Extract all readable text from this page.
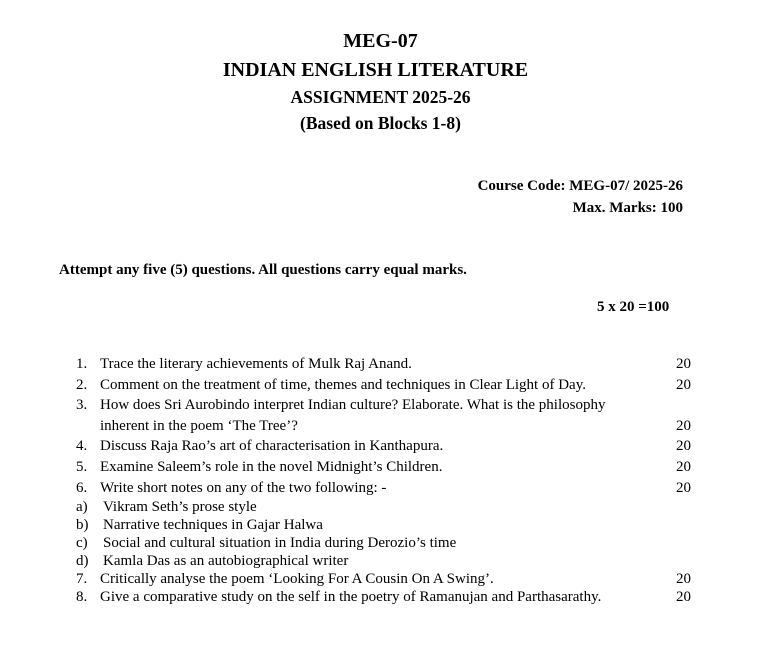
MEG-07
INDIAN ENGLISH LITERATURE
ASSIGNMENT 2025-26
(Based on Blocks 1-8)
Course Code: MEG-07/ 2025-26
Max. Marks: 100
Attempt any five (5) questions. All questions carry equal marks.
5 x 20 =100
1. Trace the literary achievements of Mulk Raj Anand.	20
2. Comment on the treatment of time, themes and techniques in Clear Light of Day.	20
3. How does Sri Aurobindo interpret Indian culture? Elaborate. What is the philosophy
inherent in the poem ‘The Tree’?	20
4. Discuss Raja Rao’s art of characterisation in Kanthapura.	20
5. Examine Saleem’s role in the novel Midnight’s Children.	20
6. Write short notes on any of the two following: -	20
a) Vikram Seth’s prose style
b) Narrative techniques in Gajar Halwa
c) Social and cultural situation in India during Derozio’s time
d) Kamla Das as an autobiographical writer
7. Critically analyse the poem ‘Looking For A Cousin On A Swing’.	20
8. Give a comparative study on the self in the poetry of Ramanujan and Parthasarathy.	20
